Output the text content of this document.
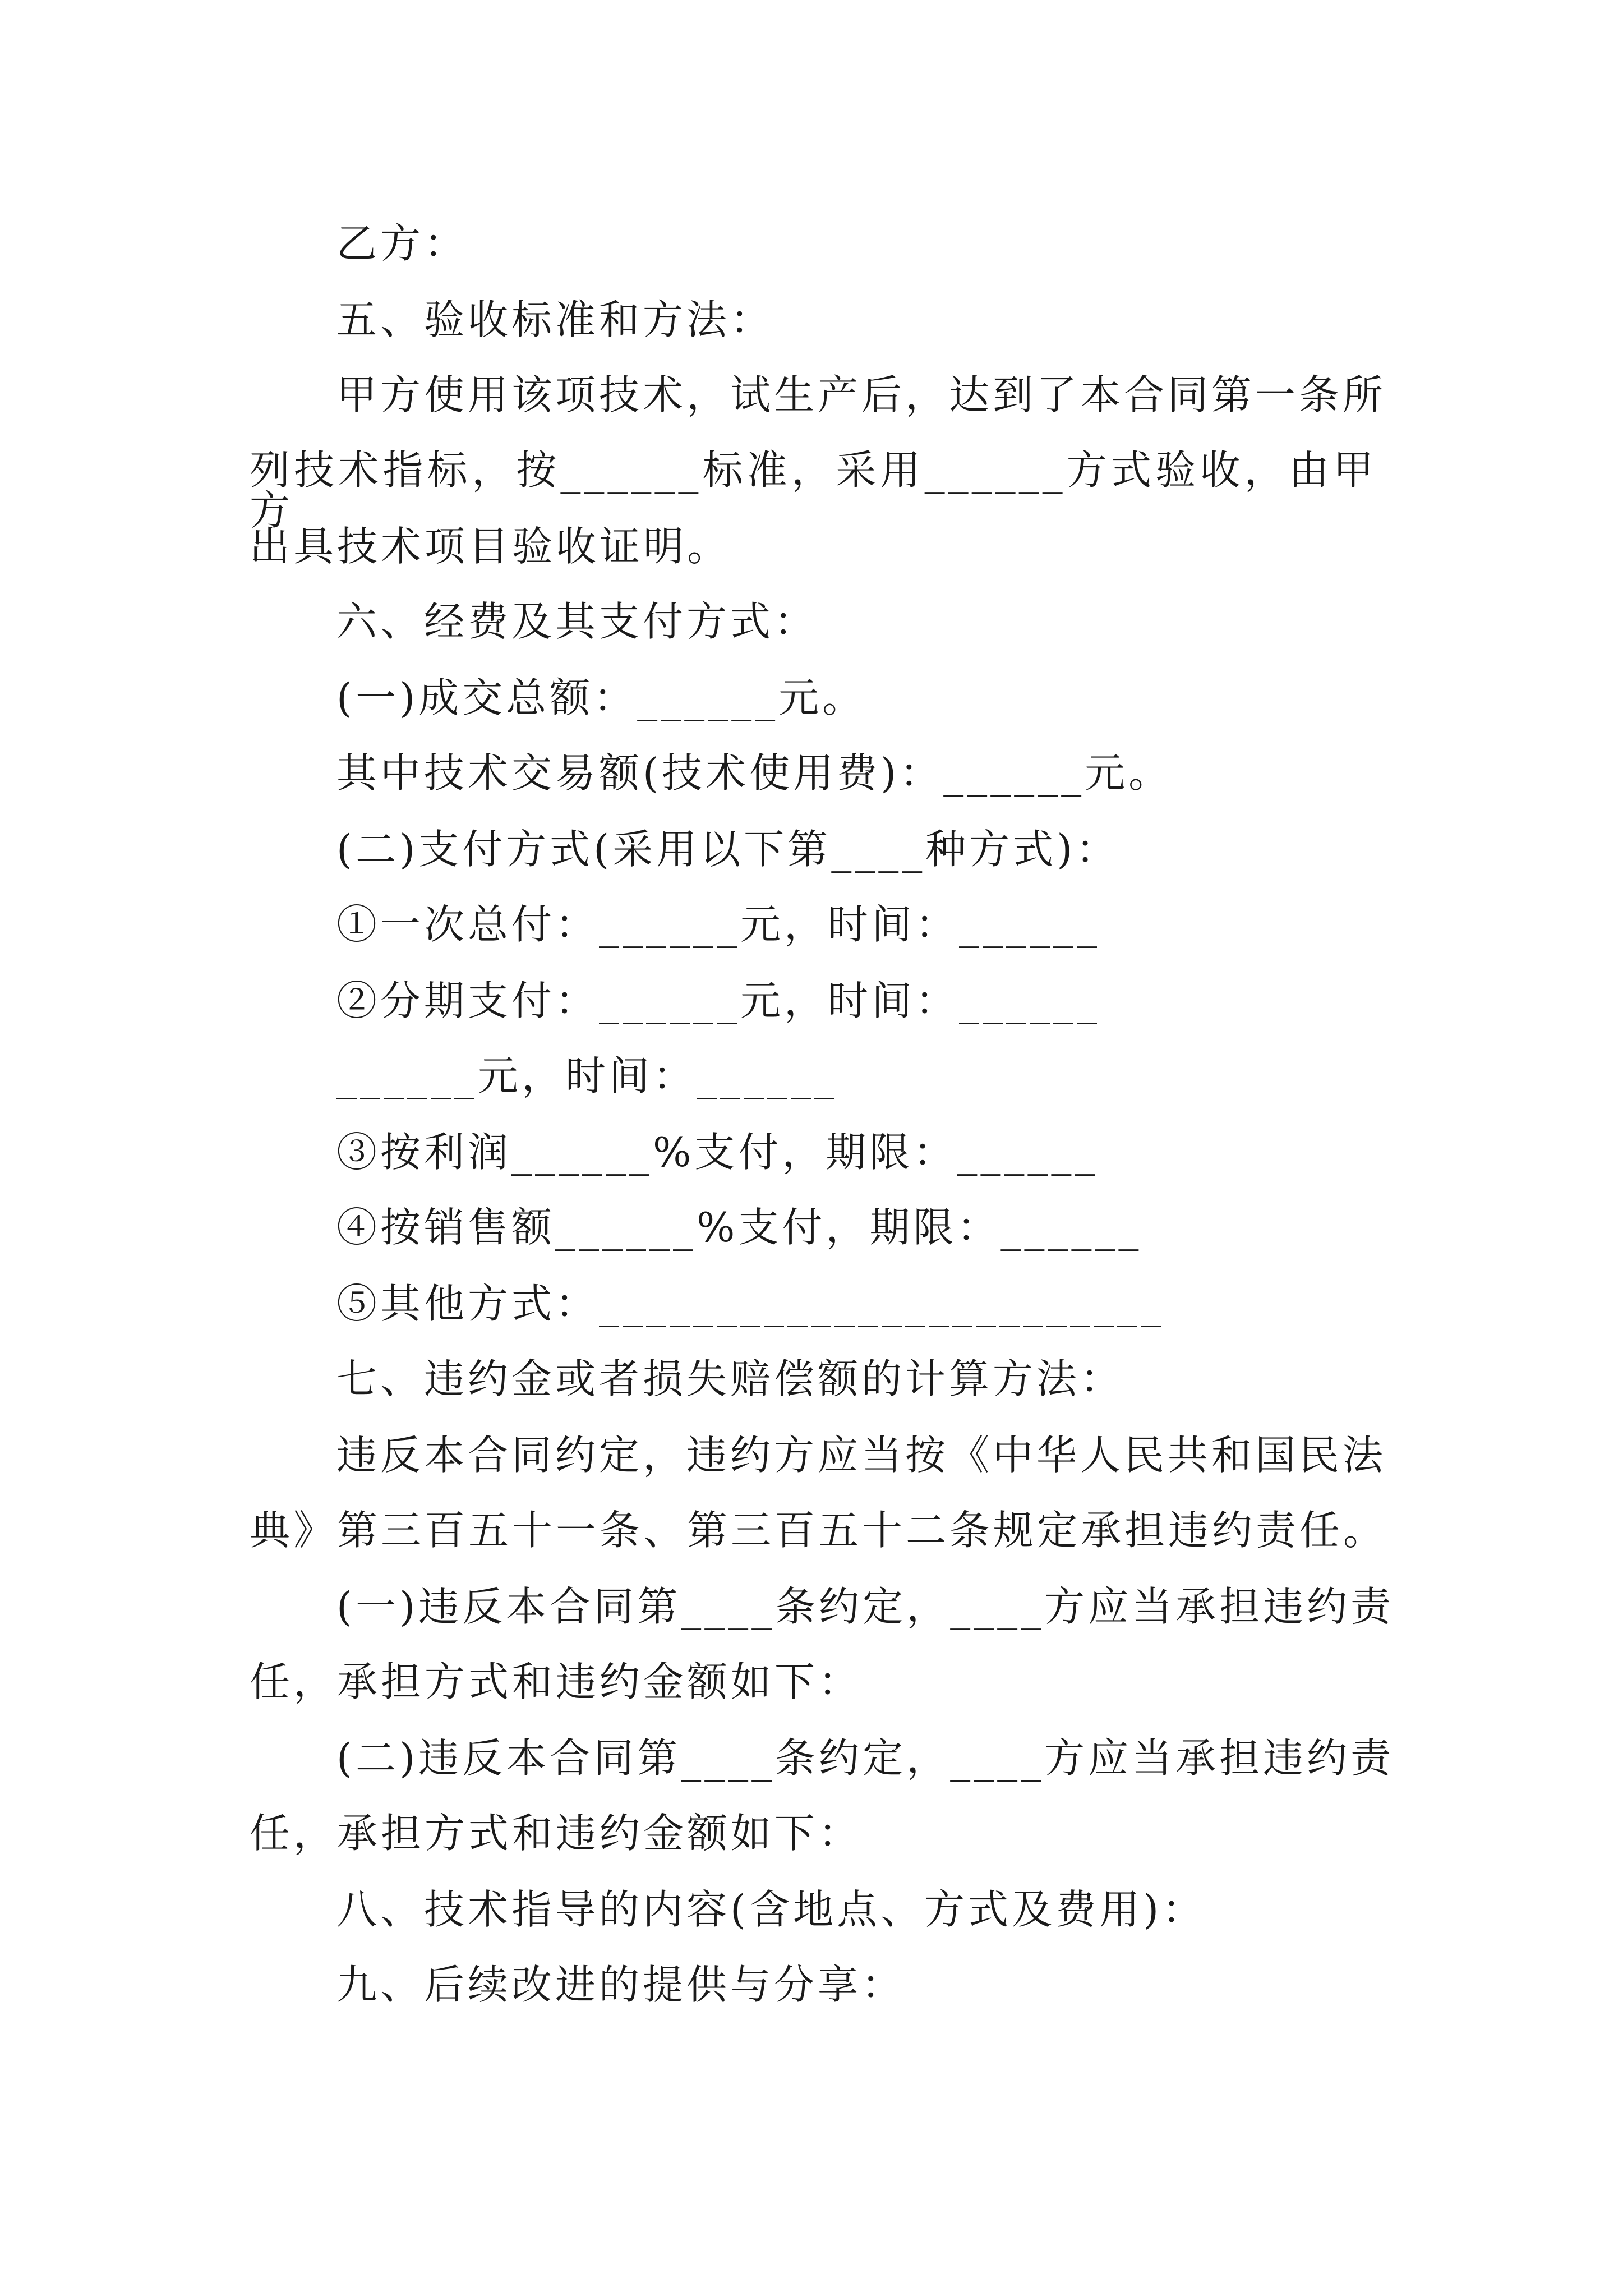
乙方：
五、验收标准和方法：
甲方使用该项技术，试生产后，达到了本合同第一条所
列技术指标，按______标准，采用______方式验收，由甲方
出具技术项目验收证明。
六、经费及其支付方式：
(一)成交总额：______元。
其中技术交易额(技术使用费)：______元。
(二)支付方式(采用以下第____种方式)：
①一次总付：______元，时间：______
②分期支付：______元，时间：______
______元，时间：______
③按利润______%支付，期限：______
④按销售额______%支付，期限：______
⑤其他方式：________________________
七、违约金或者损失赔偿额的计算方法：
违反本合同约定，违约方应当按《中华人民共和国民法
典》第三百五十一条、第三百五十二条规定承担违约责任。
(一)违反本合同第____条约定，____方应当承担违约责
任，承担方式和违约金额如下：
(二)违反本合同第____条约定，____方应当承担违约责
任，承担方式和违约金额如下：
八、技术指导的内容(含地点、方式及费用)：
九、后续改进的提供与分享：
